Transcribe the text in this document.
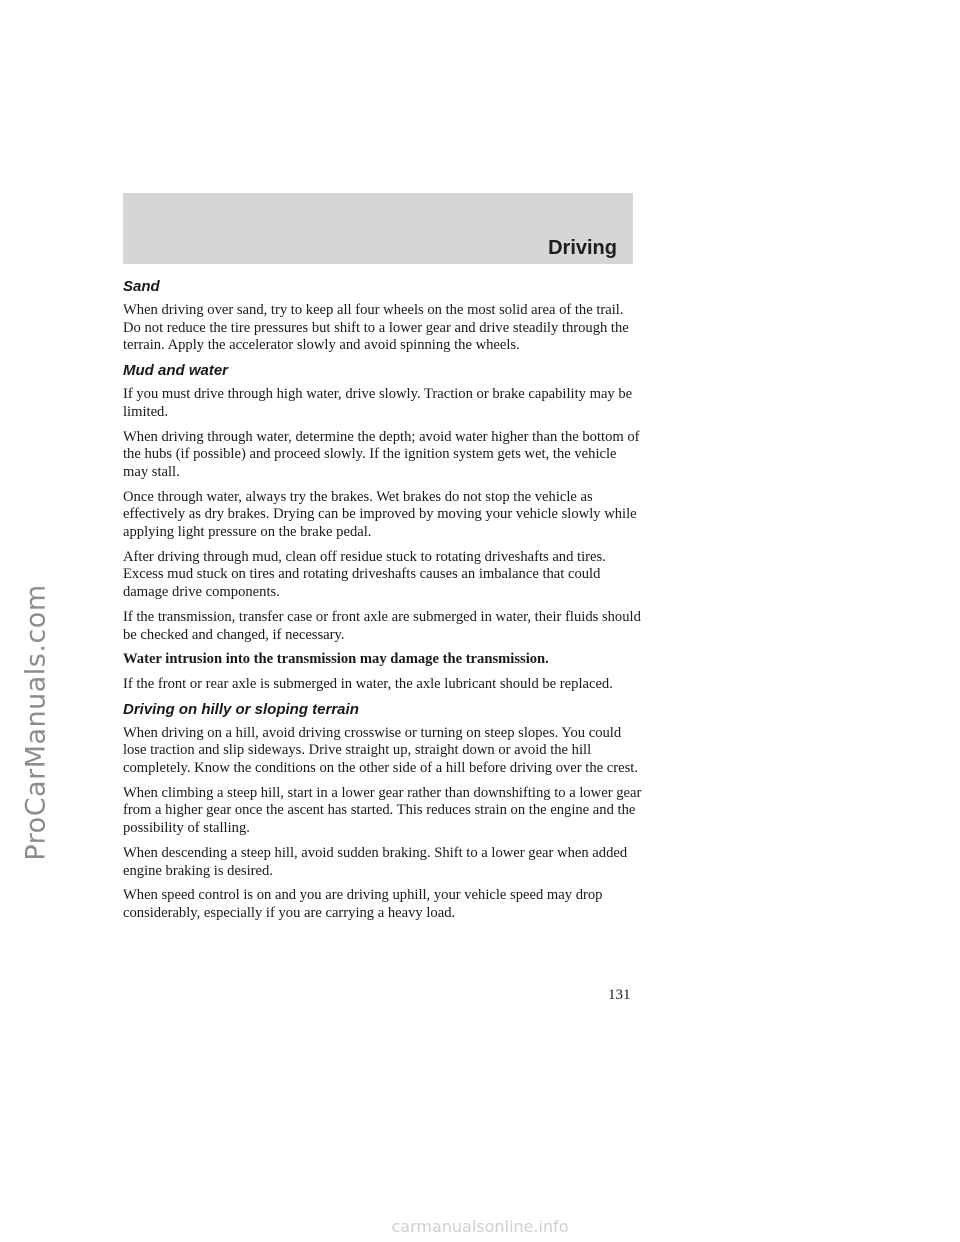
ProCarManuals.com
Driving
Sand

When driving over sand, try to keep all four wheels on the most solid area of the trail. Do not reduce the tire pressures but shift to a lower gear and drive steadily through the terrain. Apply the accelerator slowly and avoid spinning the wheels.

Mud and water

If you must drive through high water, drive slowly. Traction or brake capability may be limited.

When driving through water, determine the depth; avoid water higher than the bottom of the hubs (if possible) and proceed slowly. If the ignition system gets wet, the vehicle may stall.

Once through water, always try the brakes. Wet brakes do not stop the vehicle as effectively as dry brakes. Drying can be improved by moving your vehicle slowly while applying light pressure on the brake pedal.

After driving through mud, clean off residue stuck to rotating driveshafts and tires. Excess mud stuck on tires and rotating driveshafts causes an imbalance that could damage drive components.

If the transmission, transfer case or front axle are submerged in water, their fluids should be checked and changed, if necessary.

Water intrusion into the transmission may damage the transmission.

If the front or rear axle is submerged in water, the axle lubricant should be replaced.

Driving on hilly or sloping terrain

When driving on a hill, avoid driving crosswise or turning on steep slopes. You could lose traction and slip sideways. Drive straight up, straight down or avoid the hill completely. Know the conditions on the other side of a hill before driving over the crest.

When climbing a steep hill, start in a lower gear rather than downshifting to a lower gear from a higher gear once the ascent has started. This reduces strain on the engine and the possibility of stalling.

When descending a steep hill, avoid sudden braking. Shift to a lower gear when added engine braking is desired.

When speed control is on and you are driving uphill, your vehicle speed may drop considerably, especially if you are carrying a heavy load.

131
carmanualsonline.info
